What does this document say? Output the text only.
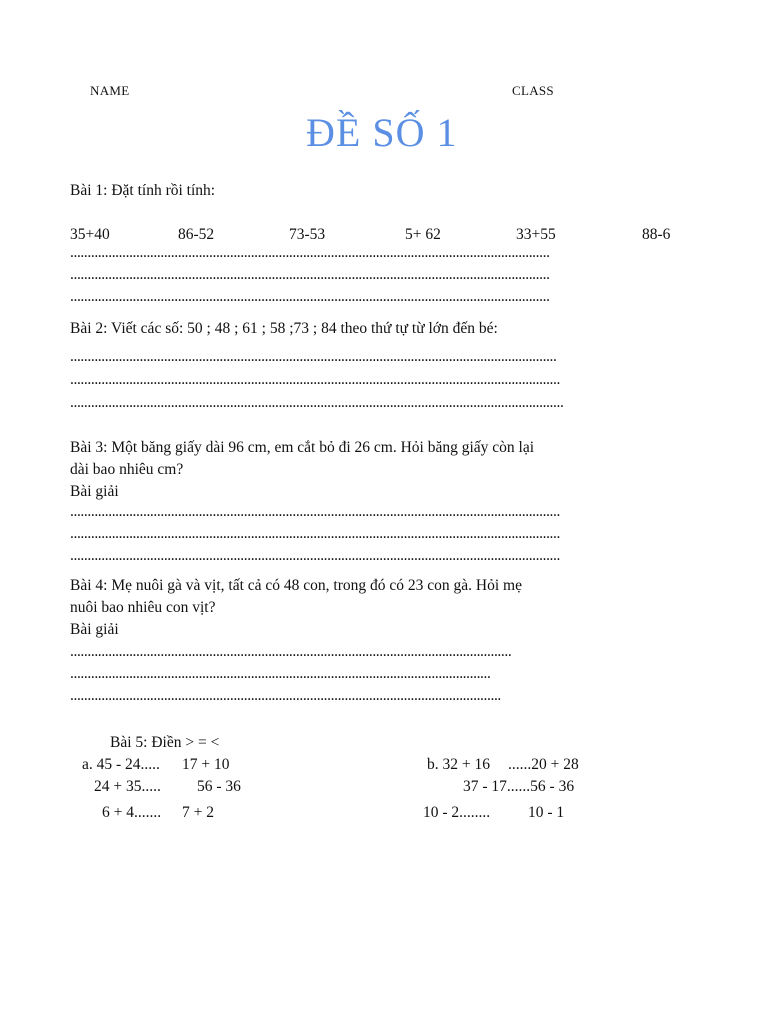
NAME	CLASS
ĐỀ SỐ 1
Bài 1: Đặt tính rồi tính:
35+40	86-52	73-53	5+ 62	33+55	88-6
..........................................................................................................................................
..........................................................................................................................................
..........................................................................................................................................
Bài 2: Viết các số: 50 ; 48 ; 61 ; 58 ;73 ; 84 theo thứ tự từ lớn đến bé:
............................................................................................................................................
.............................................................................................................................................
..............................................................................................................................................
Bài 3: Một băng giấy dài 96 cm, em cắt bỏ đi 26 cm. Hỏi băng giấy còn lại
dài bao nhiêu cm?
Bài giải
.............................................................................................................................................
.............................................................................................................................................
.............................................................................................................................................
Bài 4: Mẹ nuôi gà và vịt, tất cả có 48 con, trong đó có 23 con gà. Hỏi mẹ
nuôi bao nhiêu con vịt?
Bài giải
...............................................................................................................................
.........................................................................................................................
............................................................................................................................
Bài 5: Điền > = <
a. 45 - 24..... 17 + 10	b. 32 + 16 ......20 + 28
24 + 35..... 56 - 36	37 - 17......56 - 36
6 + 4....... 7 + 2	10 - 2........ 10 - 1
